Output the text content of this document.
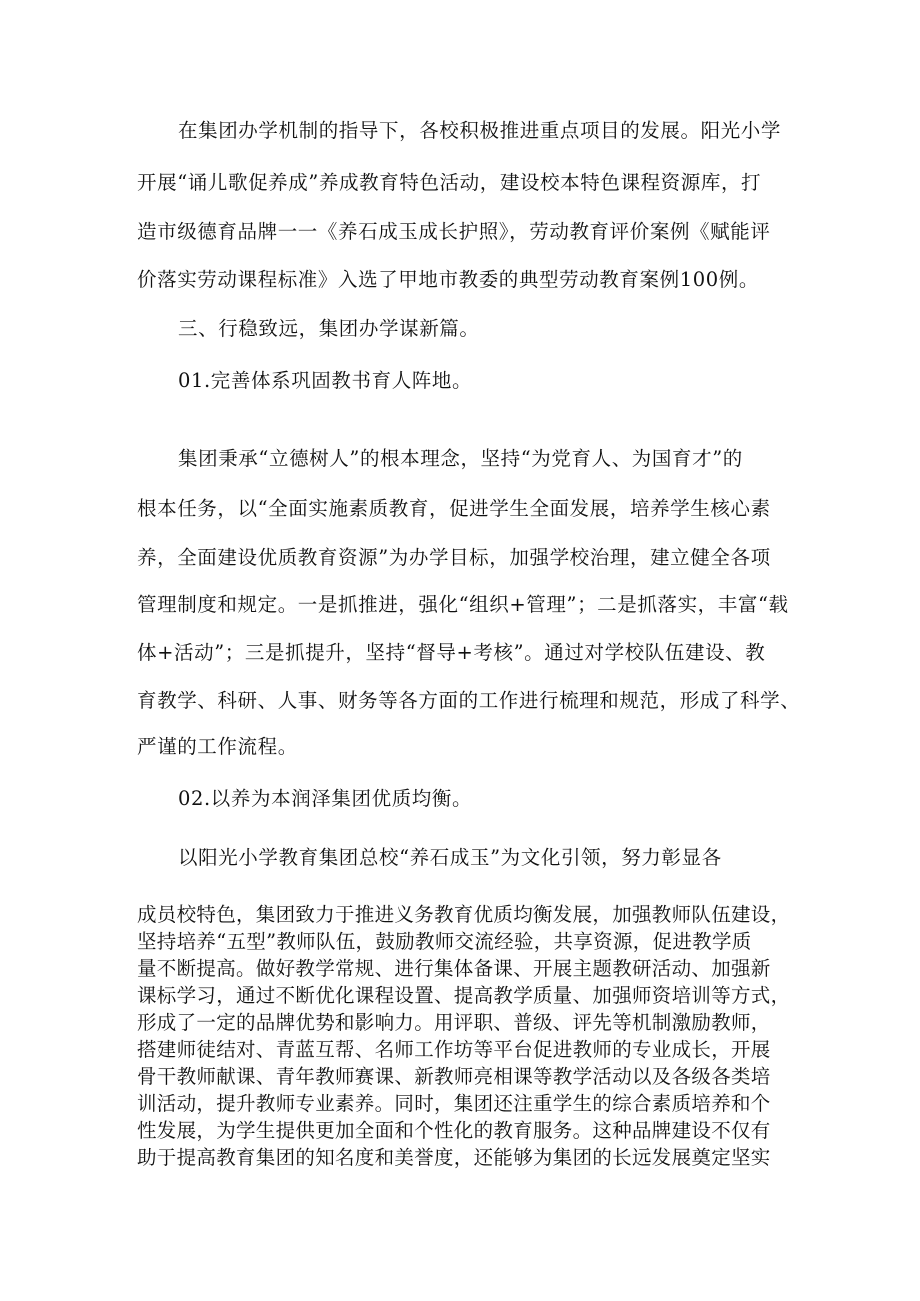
在集团办学机制的指导下，各校积极推进重点项目的发展。阳光小学
开展“诵儿歌促养成”养成教育特色活动，建设校本特色课程资源库，打
造市级德育品牌一一《养石成玉成长护照》，劳动教育评价案例《赋能评
价落实劳动课程标准》入选了甲地市教委的典型劳动教育案例100例。
三、行稳致远，集团办学谋新篇。
01.完善体系巩固教书育人阵地。
集团秉承“立德树人”的根本理念，坚持“为党育人、为国育才”的
根本任务，以“全面实施素质教育，促进学生全面发展，培养学生核心素
养，全面建设优质教育资源”为办学目标，加强学校治理，建立健全各项
管理制度和规定。一是抓推进，强化“组织+管理”；二是抓落实，丰富“载
体+活动”；三是抓提升，坚持“督导+考核”。通过对学校队伍建设、教
育教学、科研、人事、财务等各方面的工作进行梳理和规范，形成了科学、
严谨的工作流程。
02.以养为本润泽集团优质均衡。
以阳光小学教育集团总校“养石成玉”为文化引领，努力彰显各
成员校特色，集团致力于推进义务教育优质均衡发展，加强教师队伍建设，
坚持培养“五型”教师队伍，鼓励教师交流经验，共享资源，促进教学质
量不断提高。做好教学常规、进行集体备课、开展主题教研活动、加强新
课标学习，通过不断优化课程设置、提高教学质量、加强师资培训等方式，
形成了一定的品牌优势和影响力。用评职、普级、评先等机制激励教师，
搭建师徒结对、青蓝互帮、名师工作坊等平台促进教师的专业成长，开展
骨干教师献课、青年教师赛课、新教师亮相课等教学活动以及各级各类培
训活动，提升教师专业素养。同时，集团还注重学生的综合素质培养和个
性发展，为学生提供更加全面和个性化的教育服务。这种品牌建设不仅有
助于提高教育集团的知名度和美誉度，还能够为集团的长远发展奠定坚实
